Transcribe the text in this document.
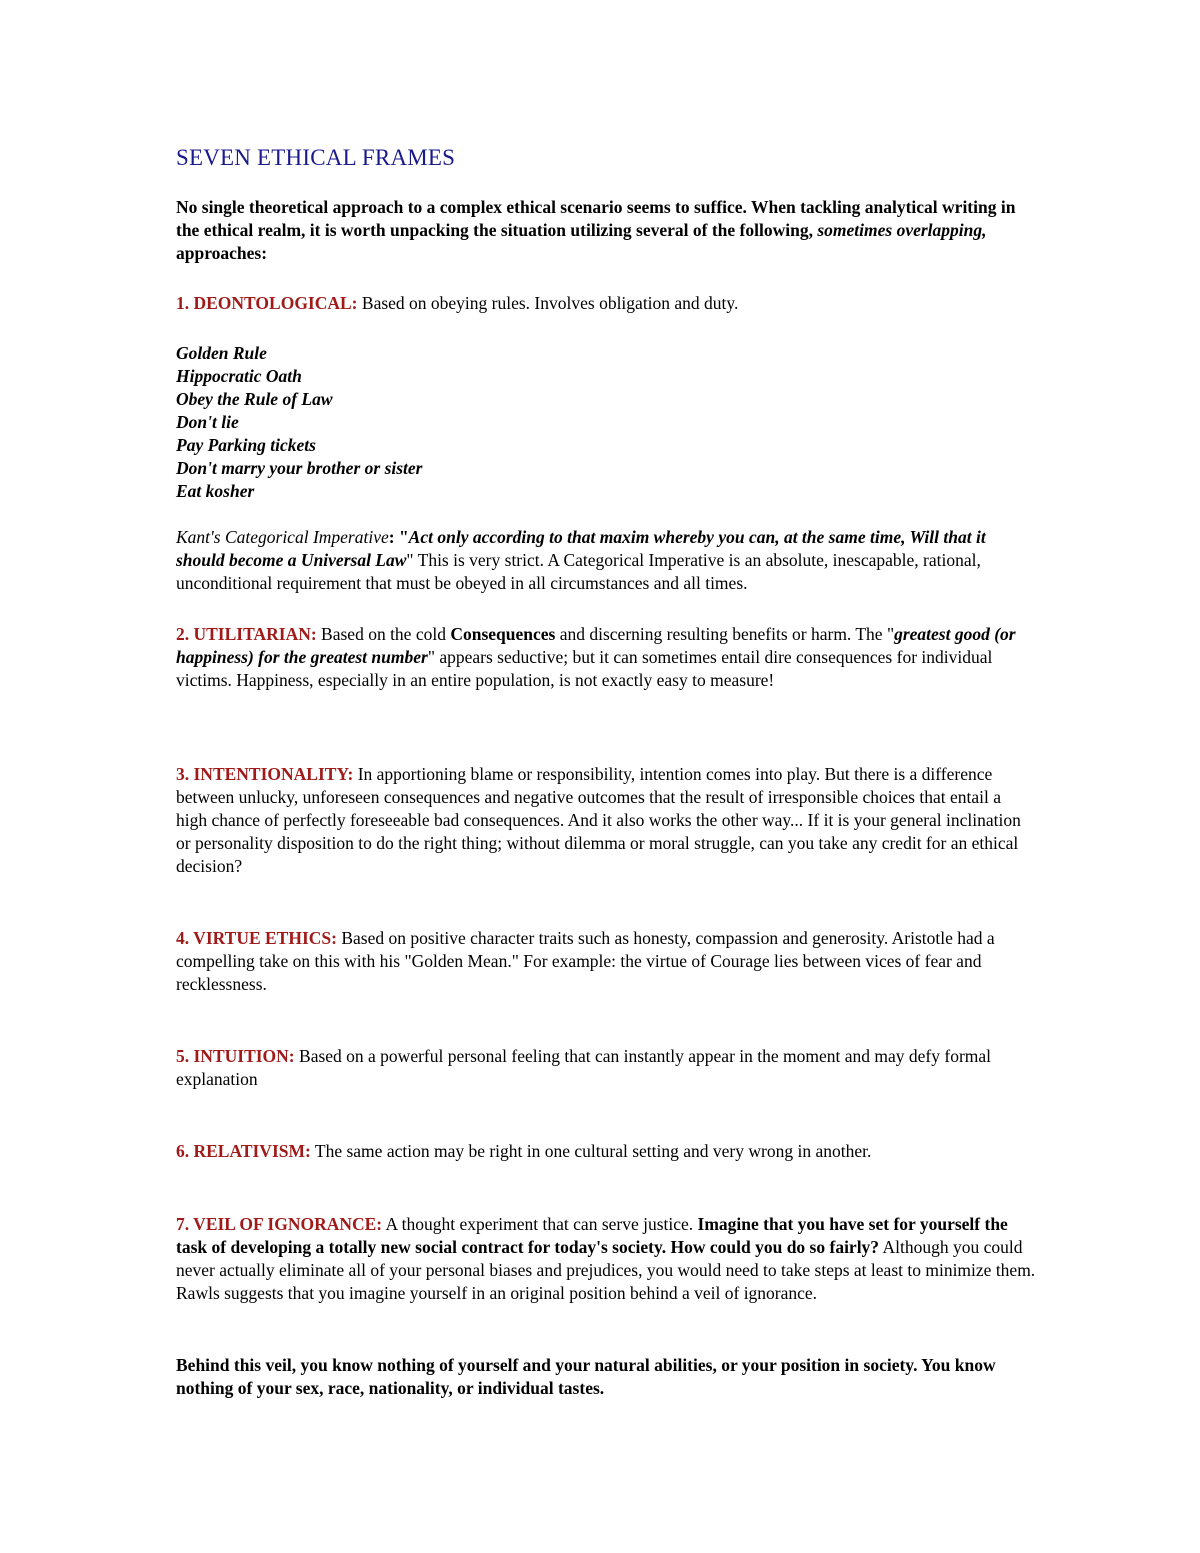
SEVEN ETHICAL FRAMES

No single theoretical approach to a complex ethical scenario seems to suffice. When tackling analytical writing in the ethical realm, it is worth unpacking the situation utilizing several of the following, sometimes overlapping, approaches:

1. DEONTOLOGICAL: Based on obeying rules. Involves obligation and duty.

Golden Rule
Hippocratic Oath
Obey the Rule of Law
Don't lie
Pay Parking tickets
Don't marry your brother or sister
Eat kosher

Kant's Categorical Imperative: "Act only according to that maxim whereby you can, at the same time, Will that it should become a Universal Law" This is very strict. A Categorical Imperative is an absolute, inescapable, rational, unconditional requirement that must be obeyed in all circumstances and all times.

2. UTILITARIAN: Based on the cold Consequences and discerning resulting benefits or harm. The "greatest good (or happiness) for the greatest number" appears seductive; but it can sometimes entail dire consequences for individual victims. Happiness, especially in an entire population, is not exactly easy to measure!

3. INTENTIONALITY: In apportioning blame or responsibility, intention comes into play. But there is a difference between unlucky, unforeseen consequences and negative outcomes that the result of irresponsible choices that entail a high chance of perfectly foreseeable bad consequences. And it also works the other way... If it is your general inclination or personality disposition to do the right thing; without dilemma or moral struggle, can you take any credit for an ethical decision?

4. VIRTUE ETHICS: Based on positive character traits such as honesty, compassion and generosity. Aristotle had a compelling take on this with his "Golden Mean." For example: the virtue of Courage lies between vices of fear and recklessness.

5. INTUITION: Based on a powerful personal feeling that can instantly appear in the moment and may defy formal explanation

6. RELATIVISM: The same action may be right in one cultural setting and very wrong in another.

7. VEIL OF IGNORANCE: A thought experiment that can serve justice. Imagine that you have set for yourself the task of developing a totally new social contract for today's society. How could you do so fairly? Although you could never actually eliminate all of your personal biases and prejudices, you would need to take steps at least to minimize them. Rawls suggests that you imagine yourself in an original position behind a veil of ignorance.

Behind this veil, you know nothing of yourself and your natural abilities, or your position in society. You know nothing of your sex, race, nationality, or individual tastes.
